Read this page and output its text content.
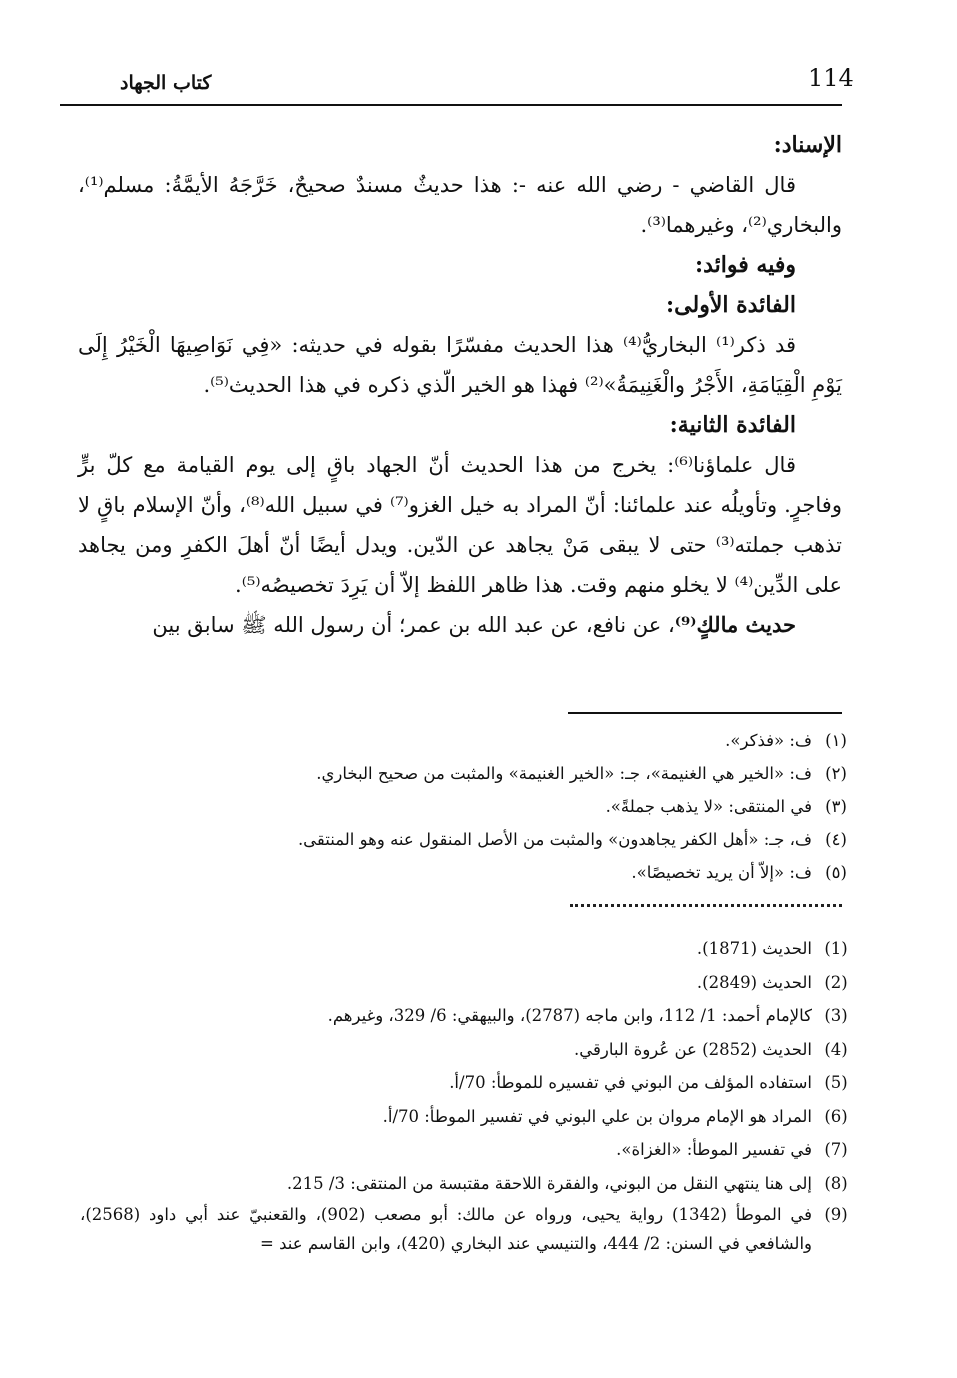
114
كتاب الجهاد

الإسناد:

قال القاضي - رضي الله عنه -: هذا حديثٌ مسندٌ صحيحٌ، خَرَّجَهُ الأيمَّةُ: مسلم⁽¹⁾، والبخاري⁽²⁾، وغيرهما⁽³⁾.

وفيه فوائد:

الفائدة الأولى:

قد ذكر⁽¹⁾ البخاريُّ⁽⁴⁾ هذا الحديث مفسّرًا بقوله في حديثه: «فِي نَوَاصِيهَا الْخَيْرُ إِلَى يَوْمِ الْقِيَامَةِ، الأَجْرُ والْغَنِيمَةُ»⁽²⁾ فهذا هو الخير الّذي ذكره في هذا الحديث⁽⁵⁾.

الفائدة الثانية:

قال علماؤنا⁽⁶⁾: يخرج من هذا الحديث أنّ الجهاد باقٍ إلى يوم القيامة مع كلّ برٍّ وفاجرٍ. وتأويلُه عند علمائنا: أنّ المراد به خيل الغزو⁽⁷⁾ في سبيل الله⁽⁸⁾، وأنّ الإسلام باقٍ لا تذهب جملته⁽³⁾ حتى لا يبقى مَنْ يجاهد عن الدّين. ويدل أيضًا أنّ أهلَ الكفرِ ومن يجاهد على الدِّين⁽⁴⁾ لا يخلو منهم وقت. هذا ظاهر اللفظ إلاّ أن يَرِدَ تخصيصُه⁽⁵⁾.

حديث مالكٍ⁽⁹⁾، عن نافع، عن عبد الله بن عمر؛ أن رسول الله ﷺ سابق بين

(١)
ف: «فذكر».
(٢)
ف: «الخير هي الغنيمة»، جـ: «الخير الغنيمة» والمثبت من صحيح البخاري.
(٣)
في المنتقى: «لا يذهب جملةً».
(٤)
ف، جـ: «أهل الكفر يجاهدون» والمثبت من الأصل المنقول عنه وهو المنتقى.
(٥)
ف: «إلاّ أن يريد تخصيصًا».
(1)
الحديث (1871).
(2)
الحديث (2849).
(3)
كالإمام أحمد: 1/ 112، وابن ماجه (2787)، والبيهقي: 6/ 329، وغيرهم.
(4)
الحديث (2852) عن عُروة البارقي.
(5)
استفاده المؤلف من البوني في تفسيره للموطأ: 70/أ.
(6)
المراد هو الإمام مروان بن علي البوني في تفسير الموطأ: 70/أ.
(7)
في تفسير الموطأ: «الغزاة».
(8)
إلى هنا ينتهي النقل من البوني، والفقرة اللاحقة مقتبسة من المنتقى: 3/ 215.
(9)
في الموطأ (1342) رواية يحيى، ورواه عن مالك: أبو مصعب (902)، والقعنبيّ عند أبي داود (2568)، والشافعي في السنن: 2/ 444، والتنيسي عند البخاري (420)، وابن القاسم عند =
